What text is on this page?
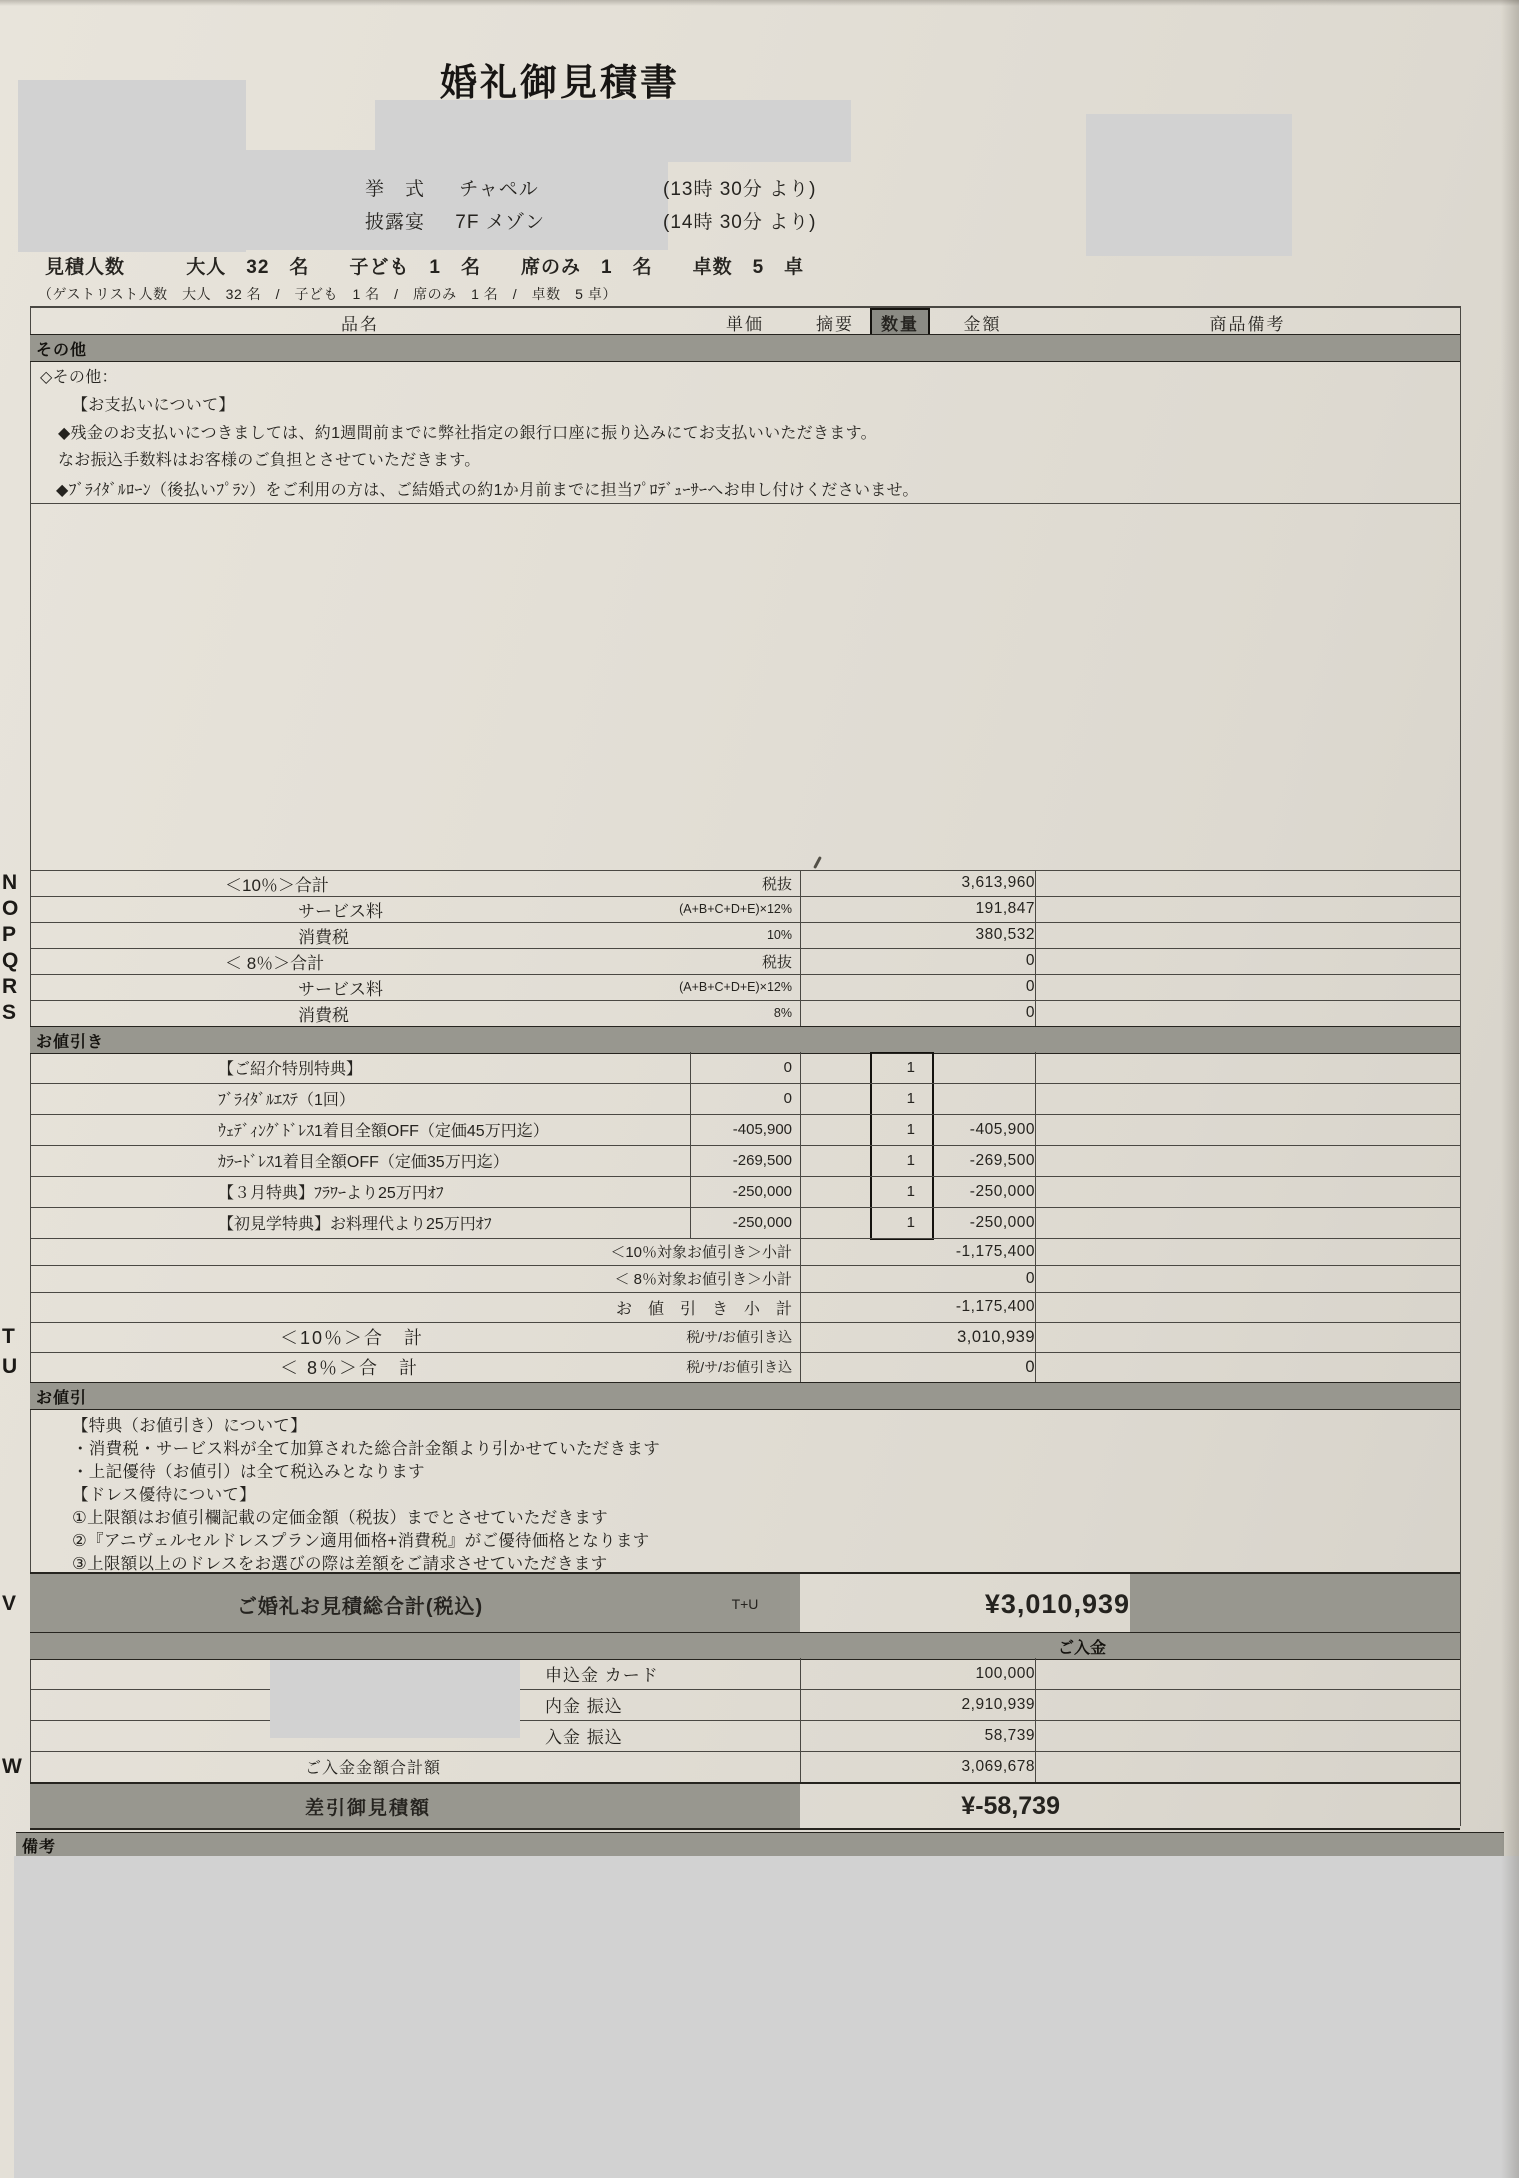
婚礼御見積書
挙　式 チャペル	(13時 30分 より)
披露宴 7F メゾン	(14時 30分 より)
見積人数	大人　32　名　　子ども　1　名　　席のみ　1　名　　卓数　5　卓
（ゲストリスト人数　大人　32 名　/　子ども　1 名　/　席のみ　1 名　/　卓数　5 卓）
品名	単価	摘要	数量	金額	商品備考
その他
◇その他：
【お支払いについて】
◆残金のお支払いにつきましては、約1週間前までに弊社指定の銀行口座に振り込みにてお支払いいただきます。
なお振込手数料はお客様のご負担とさせていただきます。
◆ﾌﾞﾗｲﾀﾞﾙﾛｰﾝ（後払いﾌﾟﾗﾝ）をご利用の方は、ご結婚式の約1か月前までに担当ﾌﾟﾛﾃﾞｭｰｻｰへお申し付けくださいませ。
N	＜10％＞合計	税抜	3,613,960
O	サービス料	(A+B+C+D+E)×12%	191,847
P	消費税	10%	380,532
Q	＜ 8％＞合計	税抜	0
R	サービス料	(A+B+C+D+E)×12%	0
S	消費税	8%	0
お値引き
【ご紹介特別特典】	0	1
ﾌﾞﾗｲﾀﾞﾙｴｽﾃ（1回）	0	1
ｳｪﾃﾞｨﾝｸﾞﾄﾞﾚｽ1着目全額OFF（定価45万円迄）	-405,900	1	-405,900
ｶﾗｰﾄﾞﾚｽ1着目全額OFF（定価35万円迄）	-269,500	1	-269,500
【３月特典】ﾌﾗﾜｰより25万円ｵﾌ	-250,000	1	-250,000
【初見学特典】お料理代より25万円ｵﾌ	-250,000	1	-250,000
＜10％対象お値引き＞小計	-1,175,400
＜ 8％対象お値引き＞小計	0
お　値　引　き　小　計	-1,175,400
T	＜10％＞合　計	税/サ/お値引き込	3,010,939
U	＜ 8％＞合　計	税/サ/お値引き込	0
お値引
【特典（お値引き）について】
・消費税・サービス料が全て加算された総合計金額より引かせていただきます
・上記優待（お値引）は全て税込みとなります
【ドレス優待について】
①上限額はお値引欄記載の定価金額（税抜）までとさせていただきます
②『アニヴェルセルドレスプラン適用価格+消費税』がご優待価格となります
③上限額以上のドレスをお選びの際は差額をご請求させていただきます
V	ご婚礼お見積総合計(税込)	T+U	¥3,010,939
ご入金
申込金 カード	100,000
内金 振込	2,910,939
入金 振込	58,739
W	ご入金金額合計額	3,069,678
差引御見積額	¥-58,739
備考
